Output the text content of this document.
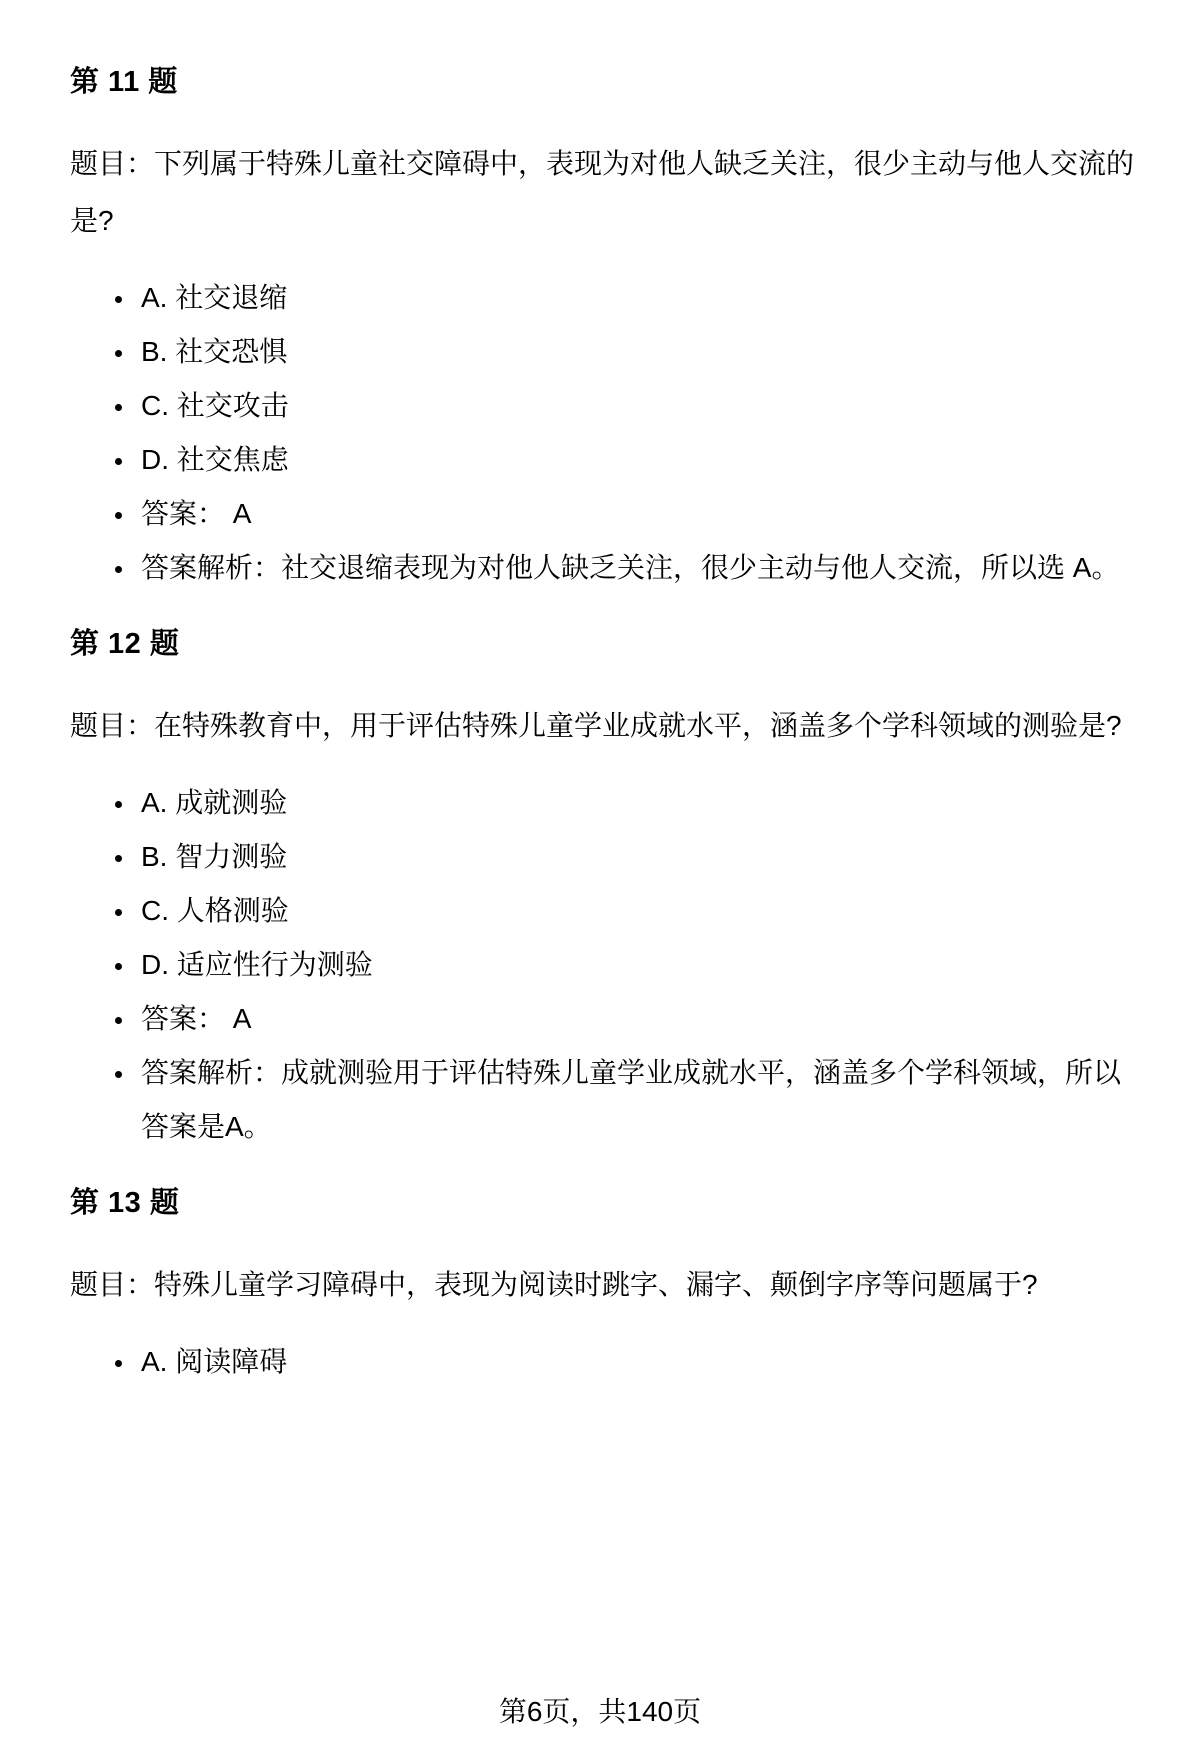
第 11 题

题目：下列属于特殊儿童社交障碍中，表现为对他人缺乏关注，很少主动与他人交流的是?

• A. 社交退缩
• B. 社交恐惧
• C. 社交攻击
• D. 社交焦虑
• 答案： A
• 答案解析：社交退缩表现为对他人缺乏关注，很少主动与他人交流，所以选 A。
第 12 题

题目：在特殊教育中，用于评估特殊儿童学业成就水平，涵盖多个学科领域的测验是?

• A. 成就测验
• B. 智力测验
• C. 人格测验
• D. 适应性行为测验
• 答案： A
• 答案解析：成就测验用于评估特殊儿童学业成就水平，涵盖多个学科领域，所以答案是A。
第 13 题

题目：特殊儿童学习障碍中，表现为阅读时跳字、漏字、颠倒字序等问题属于?

• A. 阅读障碍
第6页，共140页
